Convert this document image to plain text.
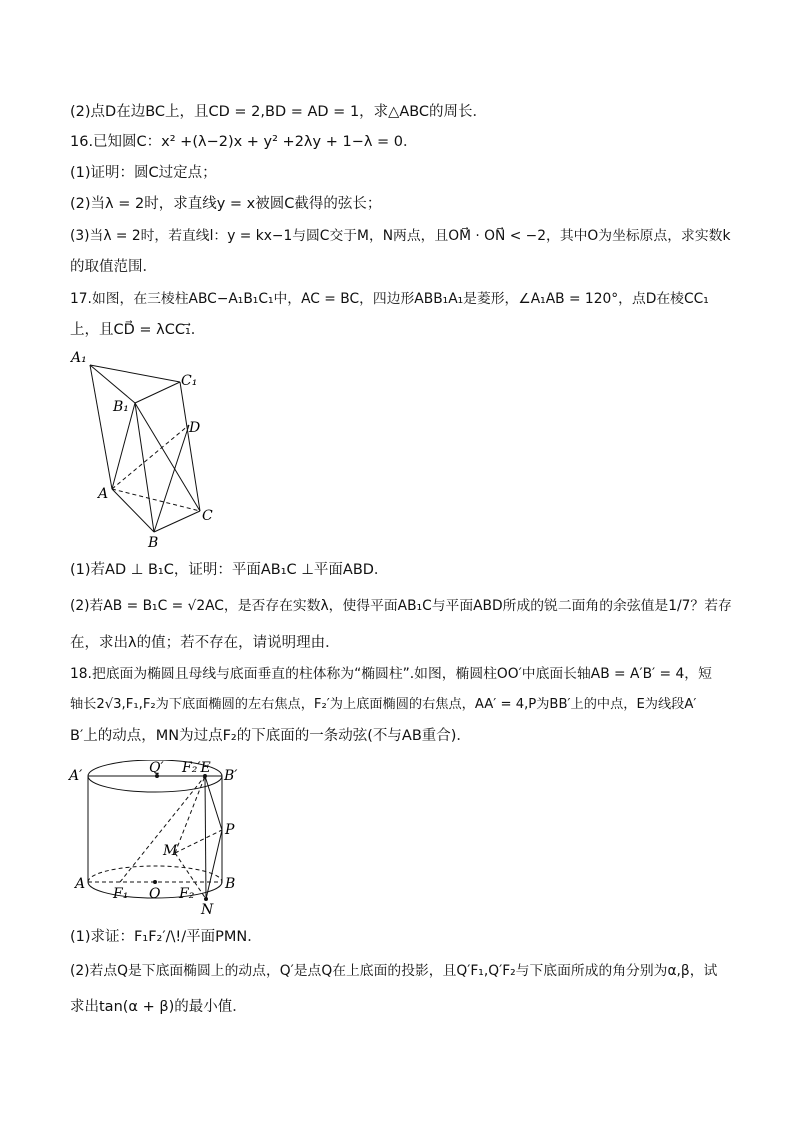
(2)点D在边BC上，且CD = 2,BD = AD = 1，求△ABC的周长．
16.已知圆C：x² +(λ−2)x + y² +2λy + 1−λ = 0．
(1)证明：圆C过定点；
(2)当λ = 2时，求直线y = x被圆C截得的弦长；
(3)当λ = 2时，若直线l：y = kx−1与圆C交于M，N两点，且OM⃗ · ON⃗ < −2，其中O为坐标原点，求实数k
的取值范围．
17.如图，在三棱柱ABC−A₁B₁C₁中，AC = BC，四边形ABB₁A₁是菱形，∠A₁AB = 120°，点D在棱CC₁
上，且CD⃗ = λCC₁⃗．
A₁
C₁
B₁
D
A
C
B
(1)若AD ⊥ B₁C，证明：平面AB₁C ⊥平面ABD．
(2)若AB = B₁C = √2AC，是否存在实数λ，使得平面AB₁C与平面ABD所成的锐二面角的余弦值是1/7？若存
在，求出λ的值；若不存在，请说明理由．
18.把底面为椭圆且母线与底面垂直的柱体称为“椭圆柱”.如图，椭圆柱OO′中底面长轴AB = A′B′ = 4，短
轴长2√3,F₁,F₂为下底面椭圆的左右焦点，F₂′为上底面椭圆的右焦点，AA′ = 4,P为BB′上的中点，E为线段A′
B′上的动点，MN为过点F₂的下底面的一条动弦(不与AB重合)．
A′	Q′ F₂′E B′
P
M
A
F₁ O F₂
B
N
(1)求证：F₁F₂′/\!/平面PMN．
(2)若点Q是下底面椭圆上的动点，Q′是点Q在上底面的投影，且Q′F₁,Q′F₂与下底面所成的角分别为α,β，试
求出tan(α + β)的最小值．
